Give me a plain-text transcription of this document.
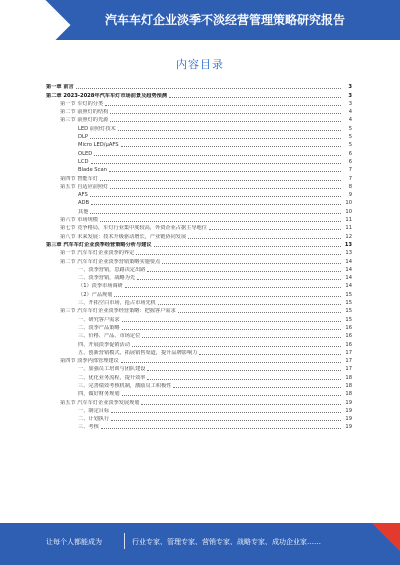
汽车车灯企业淡季不淡经营管理策略研究报告
内容目录
第一章 前言	3
第二章 2023-2028年汽车车灯市场前景及趋势预测	3
第一节 车灯的分类	3
第二节 前照灯的结构	4
第三节 前照灯的光源	4
LED 前照灯技术	5
DLP	5
Micro LED/μAFS	5
OLED	6
LCD	6
Blade Scan	7
第四节 智能车灯	7
第五节 自适应前照灯	8
AFS	9
ADB	10
其他	10
第六节 市场规模	11
第七节 竞争格局，车灯行业集中度较高，外资企业占据主导地位	11
第八节 未来发展：技术升级驱动增长，产业链协同发展	12
第三章 汽车车灯企业淡季经营策略分析与建议	13
第一节 汽车车灯企业淡季的界定	13
第二节 汽车车灯企业淡季营销策略实施要点	14
一、淡季营销，思路决定出路	14
二、淡季营销，战略为先	14
（1）淡季市场调研	14
（2）产品规划	15
三、开拓空白市场，抢占市场先机	15
第三节 汽车车灯企业淡季经营策略：把握客户需求	15
一、研究客户需求	15
二、淡季产品策略	16
三、价格、产品、市场定位	16
四、开展淡季促销活动	16
五、创新营销模式，拓展销售渠道，提升品牌影响力	17
第四节 淡季内部管理建议	17
一、加强员工培训与团队建设	17
二、优化业务流程，提升效率	18
三、完善绩效考核机制，激励员工积极性	18
四、做好财务规划	18
第五节 汽车车灯企业淡季发展规划	19
一、制定目标	19
二、计划执行	19
三、考核	19
让每个人都能成为	行业专家、管理专家、营销专家、战略专家、成功企业家……
